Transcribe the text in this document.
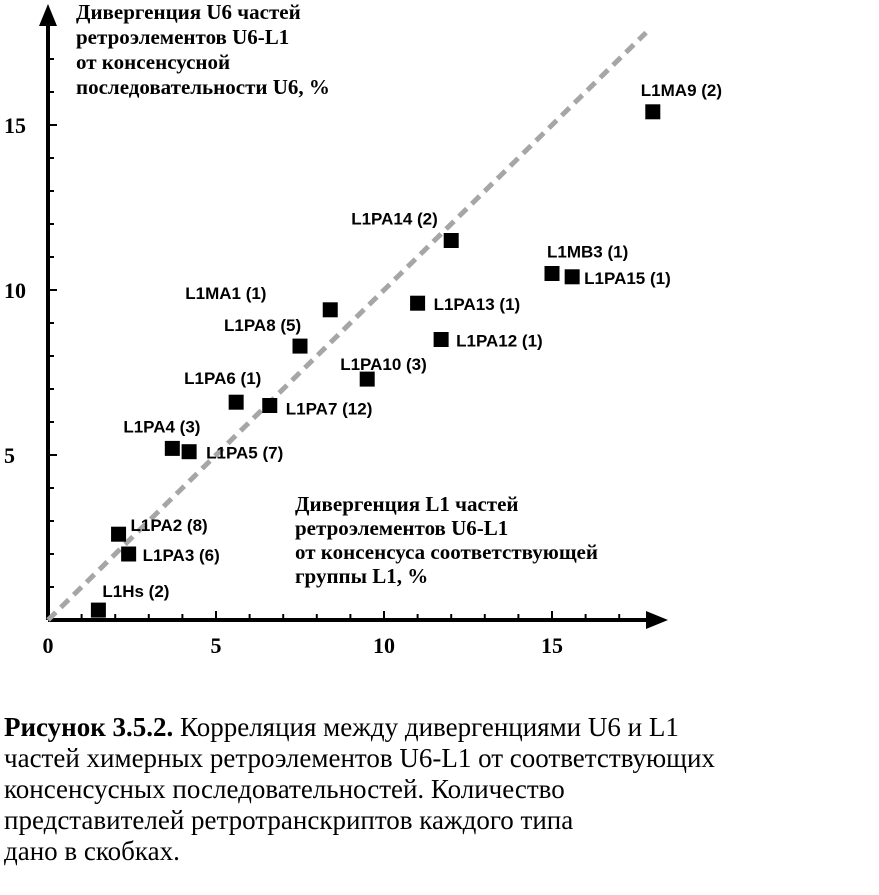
0	5	10	15
5
10
15
L1MA9 (2)
L1PA14 (2)
L1MB3 (1)
L1PA15 (1)
L1MA1 (1)
L1PA13 (1)
L1PA8 (5)
L1PA12 (1)
L1PA10 (3)
L1PA6 (1)
L1PA7 (12)
L1PA4 (3)
L1PA5 (7)
L1PA2 (8)
L1PA3 (6)
L1Hs (2)
Дивергенция U6 частей ретроэлементов U6-L1 от консенсусной последовательности U6, %
Дивергенция L1 частей ретроэлементов U6-L1 от консенсуса соответствующей группы L1, %
Рисунок 3.5.2. Корреляция между дивергенциями U6 и L1
частей химерных ретроэлементов U6-L1 от соответствующих
консенсусных последовательностей. Количество
представителей ретротранскриптов каждого типа
дано в скобках.
